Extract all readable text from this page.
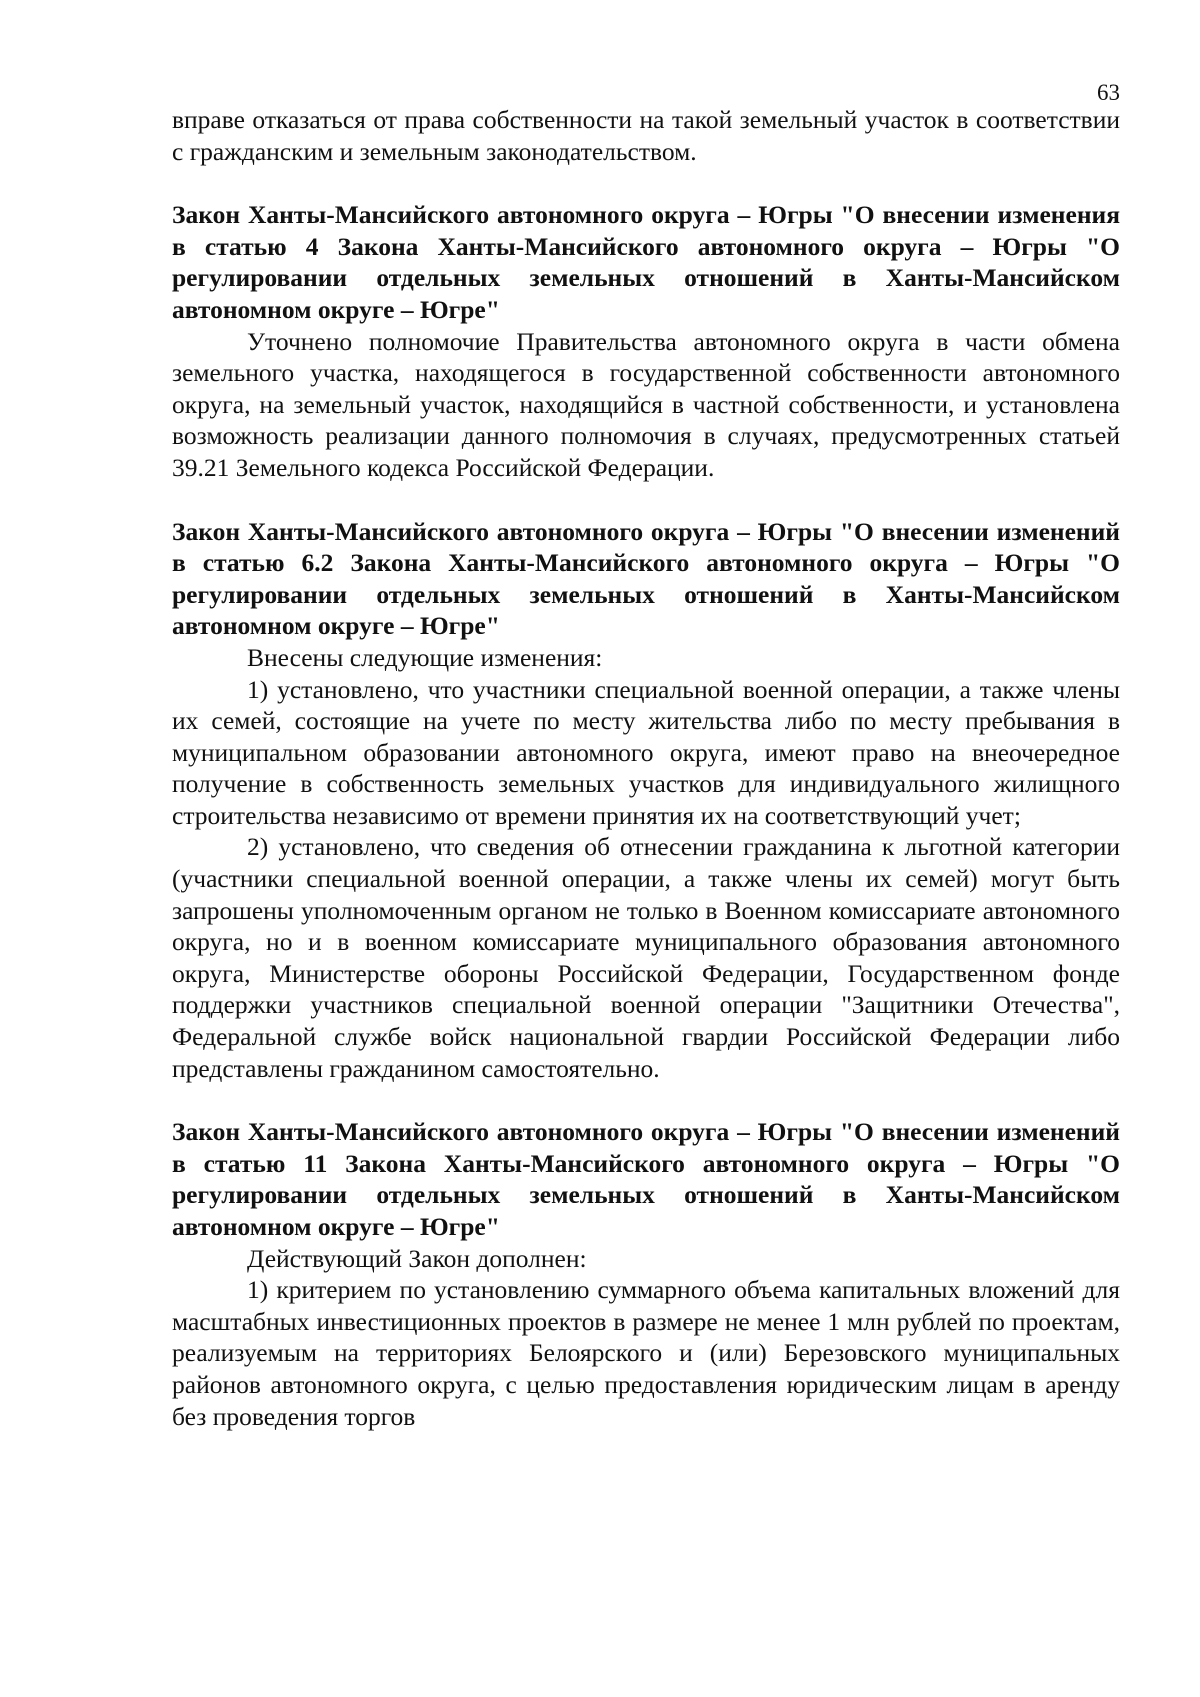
63

вправе отказаться от права собственности на такой земельный участок в соответствии с гражданским и земельным законодательством.

Закон Ханты-Мансийского автономного округа – Югры "О внесении изменения в статью 4 Закона Ханты-Мансийского автономного округа – Югры "О регулировании отдельных земельных отношений в Ханты-Мансийском автономном округе – Югре"

Уточнено полномочие Правительства автономного округа в части обмена земельного участка, находящегося в государственной собственности автономного округа, на земельный участок, находящийся в частной собственности, и установлена возможность реализации данного полномочия в случаях, предусмотренных статьей 39.21 Земельного кодекса Российской Федерации.

Закон Ханты-Мансийского автономного округа – Югры "О внесении изменений в статью 6.2 Закона Ханты-Мансийского автономного округа – Югры "О регулировании отдельных земельных отношений в Ханты-Мансийском автономном округе – Югре"

Внесены следующие изменения:

1) установлено, что участники специальной военной операции, а также члены их семей, состоящие на учете по месту жительства либо по месту пребывания в муниципальном образовании автономного округа, имеют право на внеочередное получение в собственность земельных участков для индивидуального жилищного строительства независимо от времени принятия их на соответствующий учет;

2) установлено, что сведения об отнесении гражданина к льготной категории (участники специальной военной операции, а также члены их семей) могут быть запрошены уполномоченным органом не только в Военном комиссариате автономного округа, но и в военном комиссариате муниципального образования автономного округа, Министерстве обороны Российской Федерации, Государственном фонде поддержки участников специальной военной операции "Защитники Отечества", Федеральной службе войск национальной гвардии Российской Федерации либо представлены гражданином самостоятельно.

Закон Ханты-Мансийского автономного округа – Югры "О внесении изменений в статью 11 Закона Ханты-Мансийского автономного округа – Югры "О регулировании отдельных земельных отношений в Ханты-Мансийском автономном округе – Югре"

Действующий Закон дополнен:

1) критерием по установлению суммарного объема капитальных вложений для масштабных инвестиционных проектов в размере не менее 1 млн рублей по проектам, реализуемым на территориях Белоярского и (или) Березовского муниципальных районов автономного округа, с целью предоставления юридическим лицам в аренду без проведения торгов
